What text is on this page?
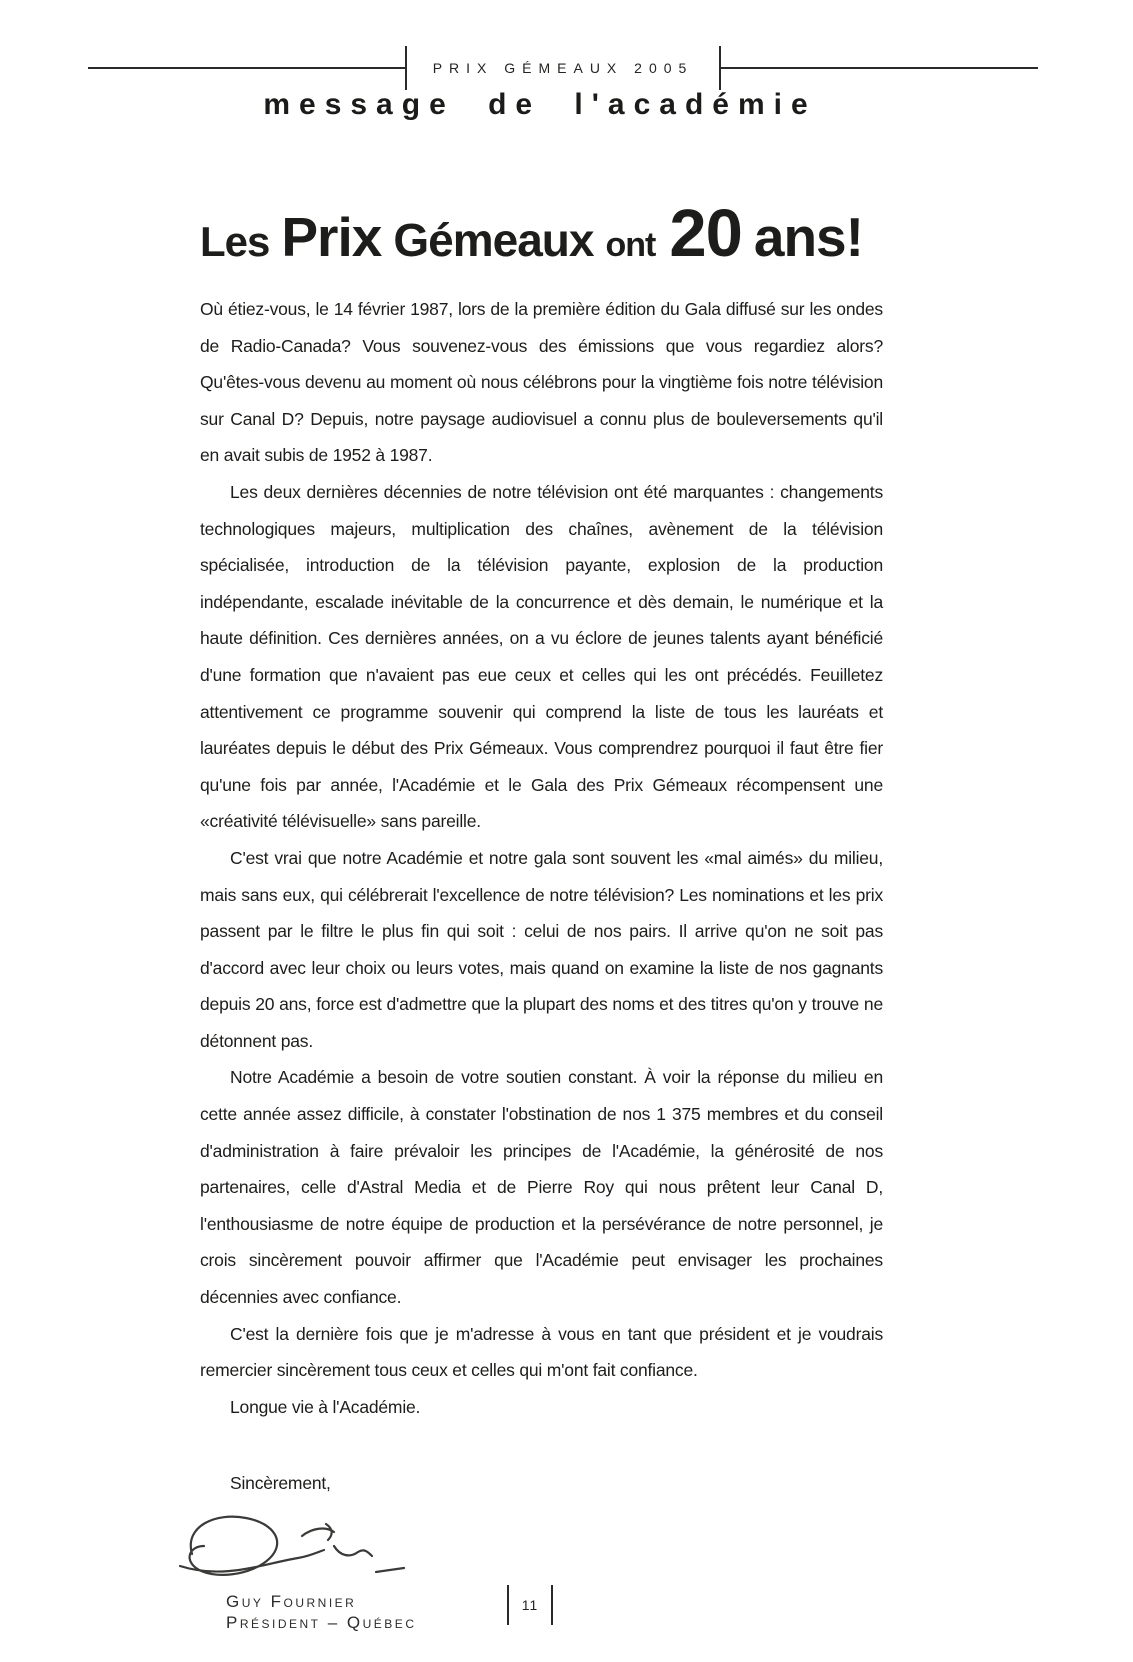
PRIX GÉMEAUX 2005
message de l'académie
Les Prix Gémeaux ont 20 ans!

Où étiez-vous, le 14 février 1987, lors de la première édition du Gala diffusé sur les ondes de Radio-Canada? Vous souvenez-vous des émissions que vous regardiez alors? Qu'êtes-vous devenu au moment où nous célébrons pour la vingtième fois notre télévision sur Canal D? Depuis, notre paysage audiovisuel a connu plus de bouleversements qu'il en avait subis de 1952 à 1987.

Les deux dernières décennies de notre télévision ont été marquantes : changements technologiques majeurs, multiplication des chaînes, avènement de la télévision spécialisée, introduction de la télévision payante, explosion de la production indépendante, escalade inévitable de la concurrence et dès demain, le numérique et la haute définition. Ces dernières années, on a vu éclore de jeunes talents ayant bénéficié d'une formation que n'avaient pas eue ceux et celles qui les ont précédés. Feuilletez attentivement ce programme souvenir qui comprend la liste de tous les lauréats et lauréates depuis le début des Prix Gémeaux. Vous comprendrez pourquoi il faut être fier qu'une fois par année, l'Académie et le Gala des Prix Gémeaux récompensent une «créativité télévisuelle» sans pareille.

C'est vrai que notre Académie et notre gala sont souvent les «mal aimés» du milieu, mais sans eux, qui célébrerait l'excellence de notre télévision? Les nominations et les prix passent par le filtre le plus fin qui soit : celui de nos pairs. Il arrive qu'on ne soit pas d'accord avec leur choix ou leurs votes, mais quand on examine la liste de nos gagnants depuis 20 ans, force est d'admettre que la plupart des noms et des titres qu'on y trouve ne détonnent pas.

Notre Académie a besoin de votre soutien constant. À voir la réponse du milieu en cette année assez difficile, à constater l'obstination de nos 1 375 membres et du conseil d'administration à faire prévaloir les principes de l'Académie, la générosité de nos partenaires, celle d'Astral Media et de Pierre Roy qui nous prêtent leur Canal D, l'enthousiasme de notre équipe de production et la persévérance de notre personnel, je crois sincèrement pouvoir affirmer que l'Académie peut envisager les prochaines décennies avec confiance.

C'est la dernière fois que je m'adresse à vous en tant que président et je voudrais remercier sincèrement tous ceux et celles qui m'ont fait confiance.

Longue vie à l'Académie.

Sincèrement,
Guy Fournier
Président – Québec
11
